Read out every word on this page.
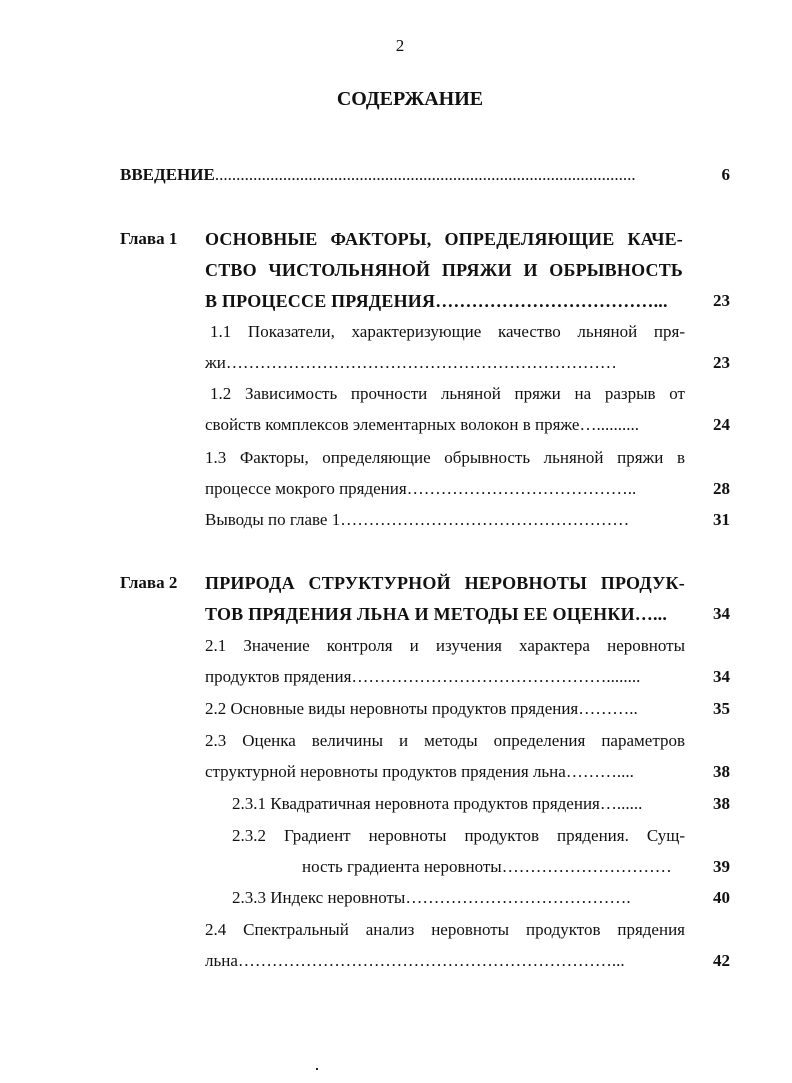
2
СОДЕРЖАНИЕ
ВВЕДЕНИЕ...................................................................................................	6
Глава 1 ОСНОВНЫЕ ФАКТОРЫ, ОПРЕДЕЛЯЮЩИЕ КАЧЕ-
СТВО ЧИСТОЛЬНЯНОЙ ПРЯЖИ И ОБРЫВНОСТЬ
В ПРОЦЕССЕ ПРЯДЕНИЯ………………………………...	23
1.1 Показатели, характеризующие качество льняной пря-
жи……………………………………………………………	23
1.2 Зависимость прочности льняной пряжи на разрыв от
свойств комплексов элементарных волокон в пряже…..........	24
1.3 Факторы, определяющие обрывность льняной пряжи в
процессе мокрого прядения…………………………………..	28
Выводы по главе 1……………………………………………	31
Глава 2 ПРИРОДА СТРУКТУРНОЙ НЕРОВНОТЫ ПРОДУК-
ТОВ ПРЯДЕНИЯ ЛЬНА И МЕТОДЫ ЕЕ ОЦЕНКИ…...	34
2.1 Значение контроля и изучения характера неровноты
продуктов прядения………………………………………........	34
2.2 Основные виды неровноты продуктов прядения………..	35
2.3 Оценка величины и методы определения параметров
структурной неровноты продуктов прядения льна………....	38
2.3.1 Квадратичная неровнота продуктов прядения…......	38
2.3.2 Градиент неровноты продуктов прядения. Сущ-
ность градиента неровноты…………………………	39
2.3.3 Индекс неровноты………………………………….	40
2.4 Спектральный анализ неровноты продуктов прядения
льна…………………………………………………………...	42
